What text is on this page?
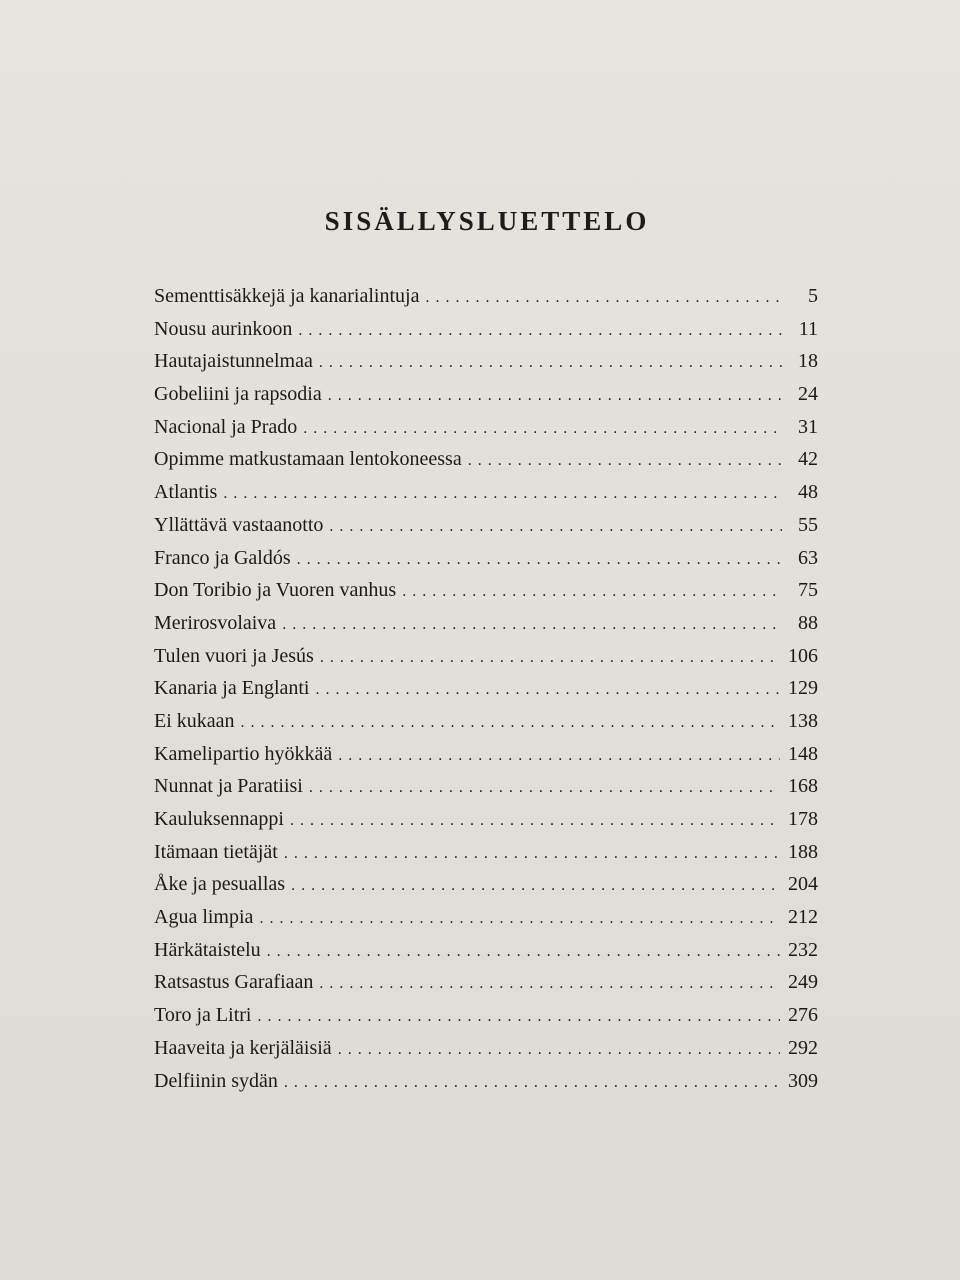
SISÄLLYSLUETTELO
Sementtisäkkejä ja kanarialintuja . . .	5
Nousu aurinkoon . . .	11
Hautajaistunnelmaa . . .	18
Gobeliini ja rapsodia . . .	24
Nacional ja Prado . . .	31
Opimme matkustamaan lentokoneessa . . .	42
Atlantis . . .	48
Yllättävä vastaanotto . . .	55
Franco ja Galdós . . .	63
Don Toribio ja Vuoren vanhus . . .	75
Merirosvolaiva . . .	88
Tulen vuori ja Jesús . . .	106
Kanaria ja Englanti . . .	129
Ei kukaan . . .	138
Kamelipartio hyökkää . . .	148
Nunnat ja Paratiisi . . .	168
Kauluksennappi . . .	178
Itämaan tietäjät . . .	188
Åke ja pesuallas . . .	204
Agua limpia . . .	212
Härkätaistelu . . .	232
Ratsastus Garafiaan . . .	249
Toro ja Litri . . .	276
Haaveita ja kerjäläisiä . . .	292
Delfiinin sydän . . .	309
